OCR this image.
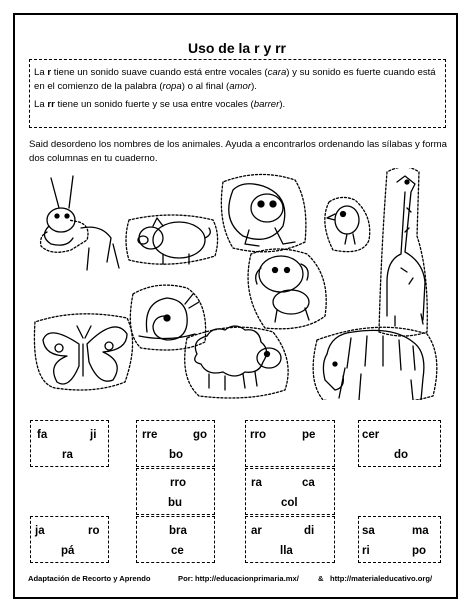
Uso de la r y rr

La r tiene un sonido suave cuando está entre vocales (cara) y su sonido es fuerte cuando está en el comienzo de la palabra (ropa) o al final (amor).

La rr tiene un sonido fuerte y se usa entre vocales (barrer).

Said desordeno los nombres de los animales. Ayuda a encontrarlos ordenando las sílabas y forma dos columnas en tu cuaderno.
fa	ji
ra
rre	go
bo
rro	pe	cer
do
rro
bu
ra	ca
col
ja	ro
pá
bra
ce
ar	di
lla
sa	ma
ri	po
Adaptación de Recorto y Aprendo	Por: http://educacionprimaria.mx/	& http://materialeducativo.org/
